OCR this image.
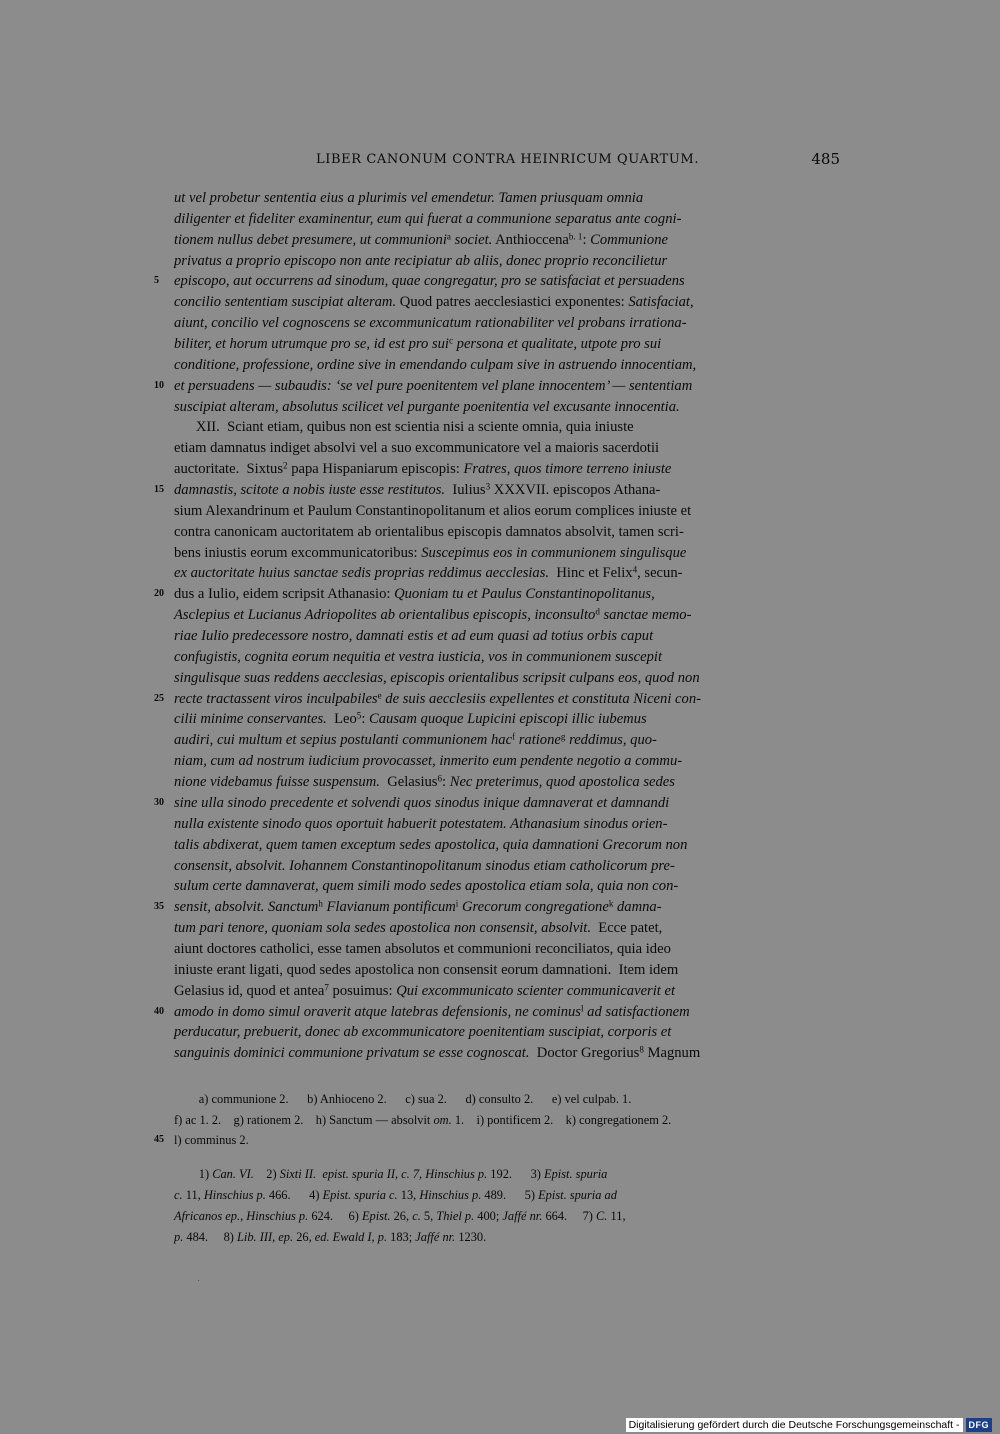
LIBER CANONUM CONTRA HEINRICUM QUARTUM.	485
ut vel probetur sententia eius a plurimis vel emendetur. Tamen priusquam omnia
diligenter et fideliter examinentur, eum qui fuerat a communione separatus ante cogni-
tionem nullus debet presumere, ut communioni$^a$ societ. Anthioccena$^{b. 1}$: Communione
privatus a proprio episcopo non ante recipiatur ab aliis, donec proprio reconcilietur
5 episcopo, aut occurrens ad sinodum, quae congregatur, pro se satisfaciat et persuadens
concilio sententiam suscipiat alteram. Quod patres aecclesiastici exponentes: Satisfaciat,
aiunt, concilio vel cognoscens se excommunicatum rationabiliter vel probans irrationa-
biliter, et horum utrumque pro se, id est pro sui$^c$ persona et qualitate, utpote pro sui
conditione, professione, ordine sive in emendando culpam sive in astruendo innocentiam,
10 et persuadens — subaudis: ‘se vel pure poenitentem vel plane innocentem’ — sententiam
suscipiat alteram, absolutus scilicet vel purgante poenitentia vel excusante innocentia.
XII.  Sciant etiam, quibus non est scientia nisi a sciente omnia, quia iniuste
etiam damnatus indiget absolvi vel a suo excommunicatore vel a maioris sacerdotii
auctoritate.  Sixtus$^2$ papa Hispaniarum episcopis: Fratres, quos timore terreno iniuste
15 damnastis, scitote a nobis iuste esse restitutos.  Iulius$^3$ XXXVII. episcopos Athana-
sium Alexandrinum et Paulum Constantinopolitanum et alios eorum complices iniuste et
contra canonicam auctoritatem ab orientalibus episcopis damnatos absolvit, tamen scri-
bens iniustis eorum excommunicatoribus: Suscepimus eos in communionem singulisque
ex auctoritate huius sanctae sedis proprias reddimus aecclesias.  Hinc et Felix$^4$, secun-
20 dus a Iulio, eidem scripsit Athanasio: Quoniam tu et Paulus Constantinopolitanus,
Asclepius et Lucianus Adriopolites ab orientalibus episcopis, inconsulto$^d$ sanctae memo-
riae Iulio predecessore nostro, damnati estis et ad eum quasi ad totius orbis caput
confugistis, cognita eorum nequitia et vestra iusticia, vos in communionem suscepit
singulisque suas reddens aecclesias, episcopis orientalibus scripsit culpans eos, quod non
25 recte tractassent viros inculpabiles$^e$ de suis aecclesiis expellentes et constituta Niceni con-
cilii minime conservantes.  Leo$^5$: Causam quoque Lupicini episcopi illic iubemus
audiri, cui multum et sepius postulanti communionem hac$^f$ ratione$^g$ reddimus, quo-
niam, cum ad nostrum iudicium provocasset, inmerito eum pendente negotio a commu-
nione videbamus fuisse suspensum.  Gelasius$^6$: Nec preterimus, quod apostolica sedes
30 sine ulla sinodo precedente et solvendi quos sinodus inique damnaverat et damnandi
nulla existente sinodo quos oportuit habuerit potestatem. Athanasium sinodus orien-
talis abdixerat, quem tamen exceptum sedes apostolica, quia damnationi Grecorum non
consensit, absolvit. Iohannem Constantinopolitanum sinodus etiam catholicorum pre-
sulum certe damnaverat, quem simili modo sedes apostolica etiam sola, quia non con-
35 sensit, absolvit. Sanctum$^h$ Flavianum pontificum$^i$ Grecorum congregatione$^k$ damna-
tum pari tenore, quoniam sola sedes apostolica non consensit, absolvit.  Ecce patet,
aiunt doctores catholici, esse tamen absolutos et communioni reconciliatos, quia ideo
iniuste erant ligati, quod sedes apostolica non consensit eorum damnationi.  Item idem
Gelasius id, quod et antea$^7$ posuimus: Qui excommunicato scienter communicaverit et
40 amodo in domo simul oraverit atque latebras defensionis, ne cominus$^l$ ad satisfactionem
perducatur, prebuerit, donec ab excommunicatore poenitentiam suscipiat, corporis et
sanguinis dominici communione privatum se esse cognoscat.  Doctor Gregorius$^8$ Magnum
a) communione 2.      b) Anhioceno 2.      c) sua 2.      d) consulto 2.      e) vel culpab. 1.
f) ac 1. 2.    g) rationem 2.    h) Sanctum — absolvit om. 1.    i) pontificem 2.    k) congregationem 2.
45 l) comminus 2.
1) Can. VI.    2) Sixti II.  epist. spuria II, c. 7, Hinschius p. 192.      3) Epist. spuria
c. 11, Hinschius p. 466.      4) Epist. spuria c. 13, Hinschius p. 489.      5) Epist. spuria ad
Africanos ep., Hinschius p. 624.     6) Epist. 26, c. 5, Thiel p. 400; Jaffé nr. 664.     7) C. 11,
p. 484.     8) Lib. III, ep. 26, ed. Ewald I, p. 183; Jaffé nr. 1230.
Digitalisierung gefördert durch die Deutsche Forschungsgemeinschaft -	DFG
